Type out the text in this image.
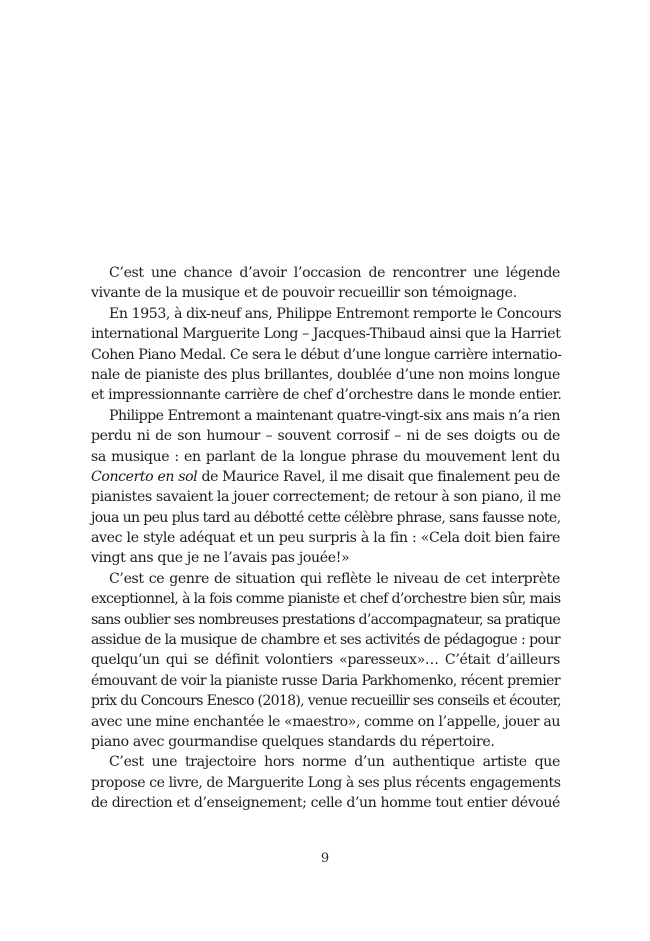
C’est une chance d’avoir l’occasion de rencontrer une légende
vivante de la musique et de pouvoir recueillir son témoignage.
En 1953, à dix-neuf ans, Philippe Entremont remporte le Concours
international Marguerite Long – Jacques-Thibaud ainsi que la Harriet
Cohen Piano Medal. Ce sera le début d’une longue carrière internatio-
nale de pianiste des plus brillantes, doublée d’une non moins longue
et impressionnante carrière de chef d’orchestre dans le monde entier.
Philippe Entremont a maintenant quatre-vingt-six ans mais n’a rien
perdu ni de son humour – souvent corrosif – ni de ses doigts ou de
sa musique : en parlant de la longue phrase du mouvement lent du
Concerto en sol de Maurice Ravel, il me disait que finalement peu de
pianistes savaient la jouer correctement; de retour à son piano, il me
joua un peu plus tard au débotté cette célèbre phrase, sans fausse note,
avec le style adéquat et un peu surpris à la fin : «Cela doit bien faire
vingt ans que je ne l’avais pas jouée!»
C’est ce genre de situation qui reflète le niveau de cet interprète
exceptionnel, à la fois comme pianiste et chef d’orchestre bien sûr, mais
sans oublier ses nombreuses prestations d’accompagnateur, sa pratique
assidue de la musique de chambre et ses activités de pédagogue : pour
quelqu’un qui se définit volontiers «paresseux»… C’était d’ailleurs
émouvant de voir la pianiste russe Daria Parkhomenko, récent premier
prix du Concours Enesco (2018), venue recueillir ses conseils et écouter,
avec une mine enchantée le «maestro», comme on l’appelle, jouer au
piano avec gourmandise quelques standards du répertoire.
C’est une trajectoire hors norme d’un authentique artiste que
propose ce livre, de Marguerite Long à ses plus récents engagements
de direction et d’enseignement; celle d’un homme tout entier dévoué
9
